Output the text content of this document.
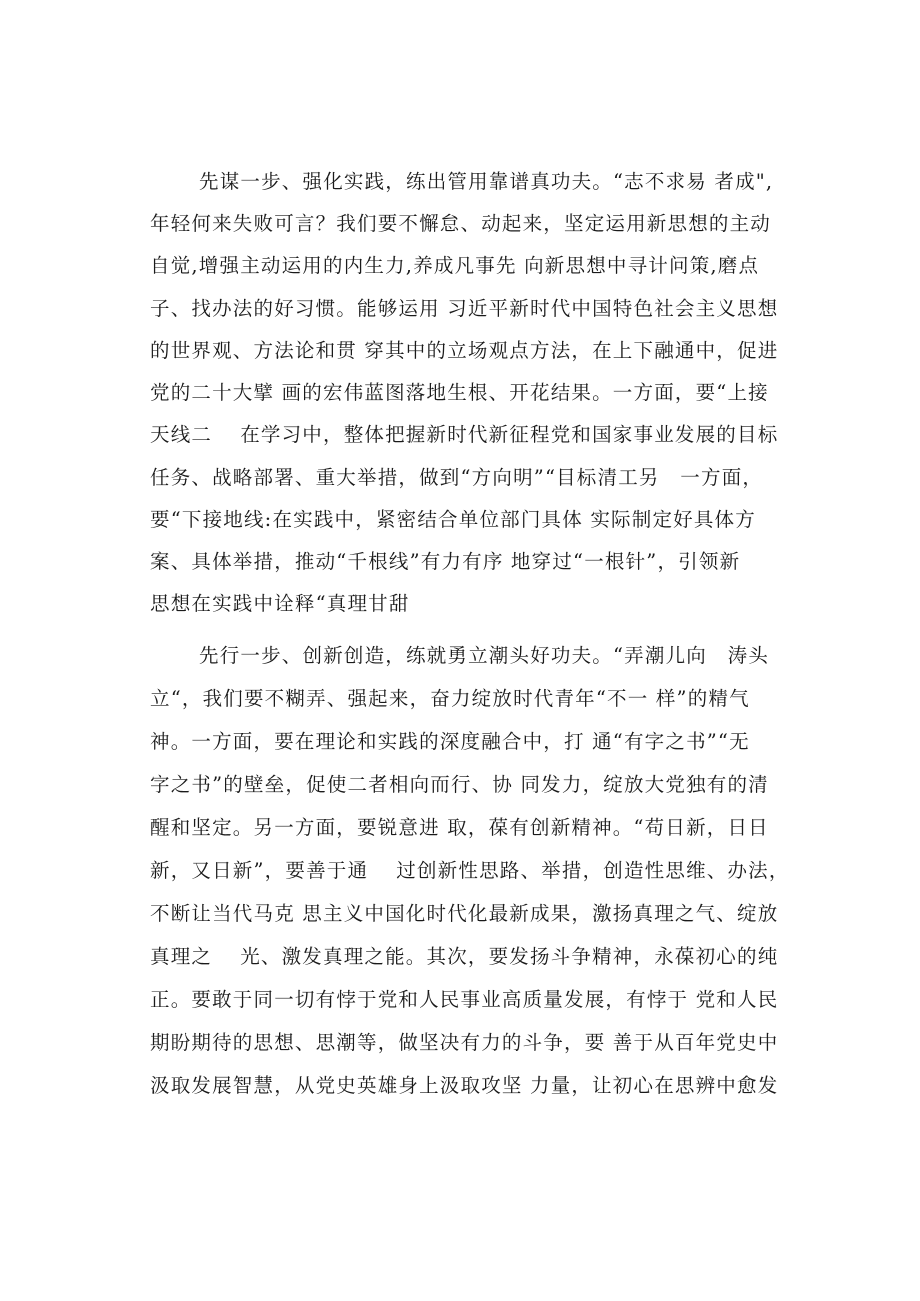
先谋一步、强化实践，练出管用靠谱真功夫。“志不求易 者成",
年轻何来失败可言？我们要不懈怠、动起来，坚定运用新思想的主动
自觉,增强主动运用的内生力,养成凡事先 向新思想中寻计问策,磨点
子、找办法的好习惯。能够运用 习近平新时代中国特色社会主义思想
的世界观、方法论和贯 穿其中的立场观点方法，在上下融通中，促进
党的二十大擘 画的宏伟蓝图落地生根、开花结果。一方面，要“上接
天线二　 在学习中，整体把握新时代新征程党和国家事业发展的目标
任务、战略部署、重大举措，做到“方向明”“目标清工另　一方面，
要“下接地线:在实践中，紧密结合单位部门具体 实际制定好具体方
案、具体举措，推动“千根线”有力有序 地穿过“一根针”，引领新
思想在实践中诠释“真理甘甜
先行一步、创新创造，练就勇立潮头好功夫。“弄潮儿向　涛头
立“，我们要不糊弄、强起来，奋力绽放时代青年“不一 样”的精气
神。一方面，要在理论和实践的深度融合中，打 通“有字之书”“无
字之书”的壁垒，促使二者相向而行、协 同发力，绽放大党独有的清
醒和坚定。另一方面，要锐意进 取，葆有创新精神。“苟日新，日日
新，又日新”，要善于通　 过创新性思路、举措，创造性思维、办法，
不断让当代马克 思主义中国化时代化最新成果，激扬真理之气、绽放
真理之　 光、激发真理之能。其次，要发扬斗争精神，永葆初心的纯
正。要敢于同一切有悖于党和人民事业高质量发展，有悖于 党和人民
期盼期待的思想、思潮等，做坚决有力的斗争，要 善于从百年党史中
汲取发展智慧，从党史英雄身上汲取攻坚 力量，让初心在思辨中愈发
